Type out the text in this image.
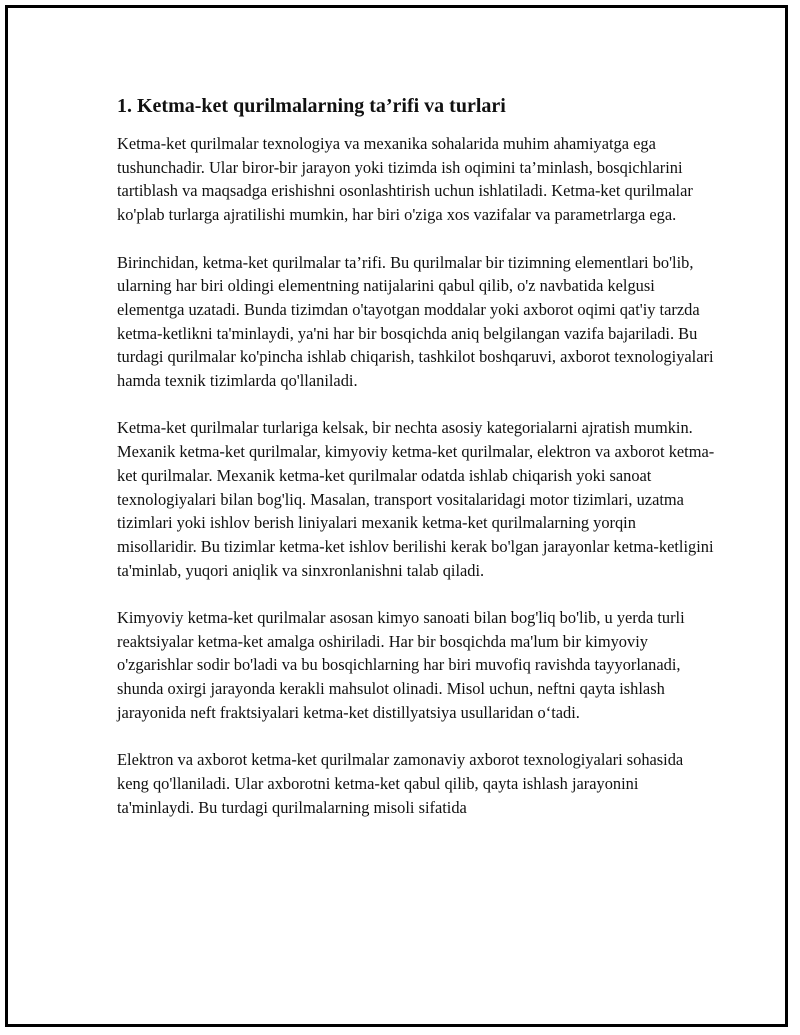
1. Ketma-ket qurilmalarning ta’rifi va turlari

Ketma-ket qurilmalar texnologiya va mexanika sohalarida muhim ahamiyatga ega tushunchadir. Ular biror-bir jarayon yoki tizimda ish oqimini ta’minlash, bosqichlarini tartiblash va maqsadga erishishni osonlashtirish uchun ishlatiladi. Ketma-ket qurilmalar ko'plab turlarga ajratilishi mumkin, har biri o'ziga xos vazifalar va parametrlarga ega.

Birinchidan, ketma-ket qurilmalar ta’rifi. Bu qurilmalar bir tizimning elementlari bo'lib, ularning har biri oldingi elementning natijalarini qabul qilib, o'z navbatida kelgusi elementga uzatadi. Bunda tizimdan o'tayotgan moddalar yoki axborot oqimi qat'iy tarzda ketma-ketlikni ta'minlaydi, ya'ni har bir bosqichda aniq belgilangan vazifa bajariladi. Bu turdagi qurilmalar ko'pincha ishlab chiqarish, tashkilot boshqaruvi, axborot texnologiyalari hamda texnik tizimlarda qo'llaniladi.

Ketma-ket qurilmalar turlariga kelsak, bir nechta asosiy kategorialarni ajratish mumkin. Mexanik ketma-ket qurilmalar, kimyoviy ketma-ket qurilmalar, elektron va axborot ketma-ket qurilmalar. Mexanik ketma-ket qurilmalar odatda ishlab chiqarish yoki sanoat texnologiyalari bilan bog'liq. Masalan, transport vositalaridagi motor tizimlari, uzatma tizimlari yoki ishlov berish liniyalari mexanik ketma-ket qurilmalarning yorqin misollaridir. Bu tizimlar ketma-ket ishlov berilishi kerak bo'lgan jarayonlar ketma-ketligini ta'minlab, yuqori aniqlik va sinxronlanishni talab qiladi.

Kimyoviy ketma-ket qurilmalar asosan kimyo sanoati bilan bog'liq bo'lib, u yerda turli reaktsiyalar ketma-ket amalga oshiriladi. Har bir bosqichda ma'lum bir kimyoviy o'zgarishlar sodir bo'ladi va bu bosqichlarning har biri muvofiq ravishda tayyorlanadi, shunda oxirgi jarayonda kerakli mahsulot olinadi. Misol uchun, neftni qayta ishlash jarayonida neft fraktsiyalari ketma-ket distillyatsiya usullaridan o‘tadi.

Elektron va axborot ketma-ket qurilmalar zamonaviy axborot texnologiyalari sohasida keng qo'llaniladi. Ular axborotni ketma-ket qabul qilib, qayta ishlash jarayonini ta'minlaydi. Bu turdagi qurilmalarning misoli sifatida
